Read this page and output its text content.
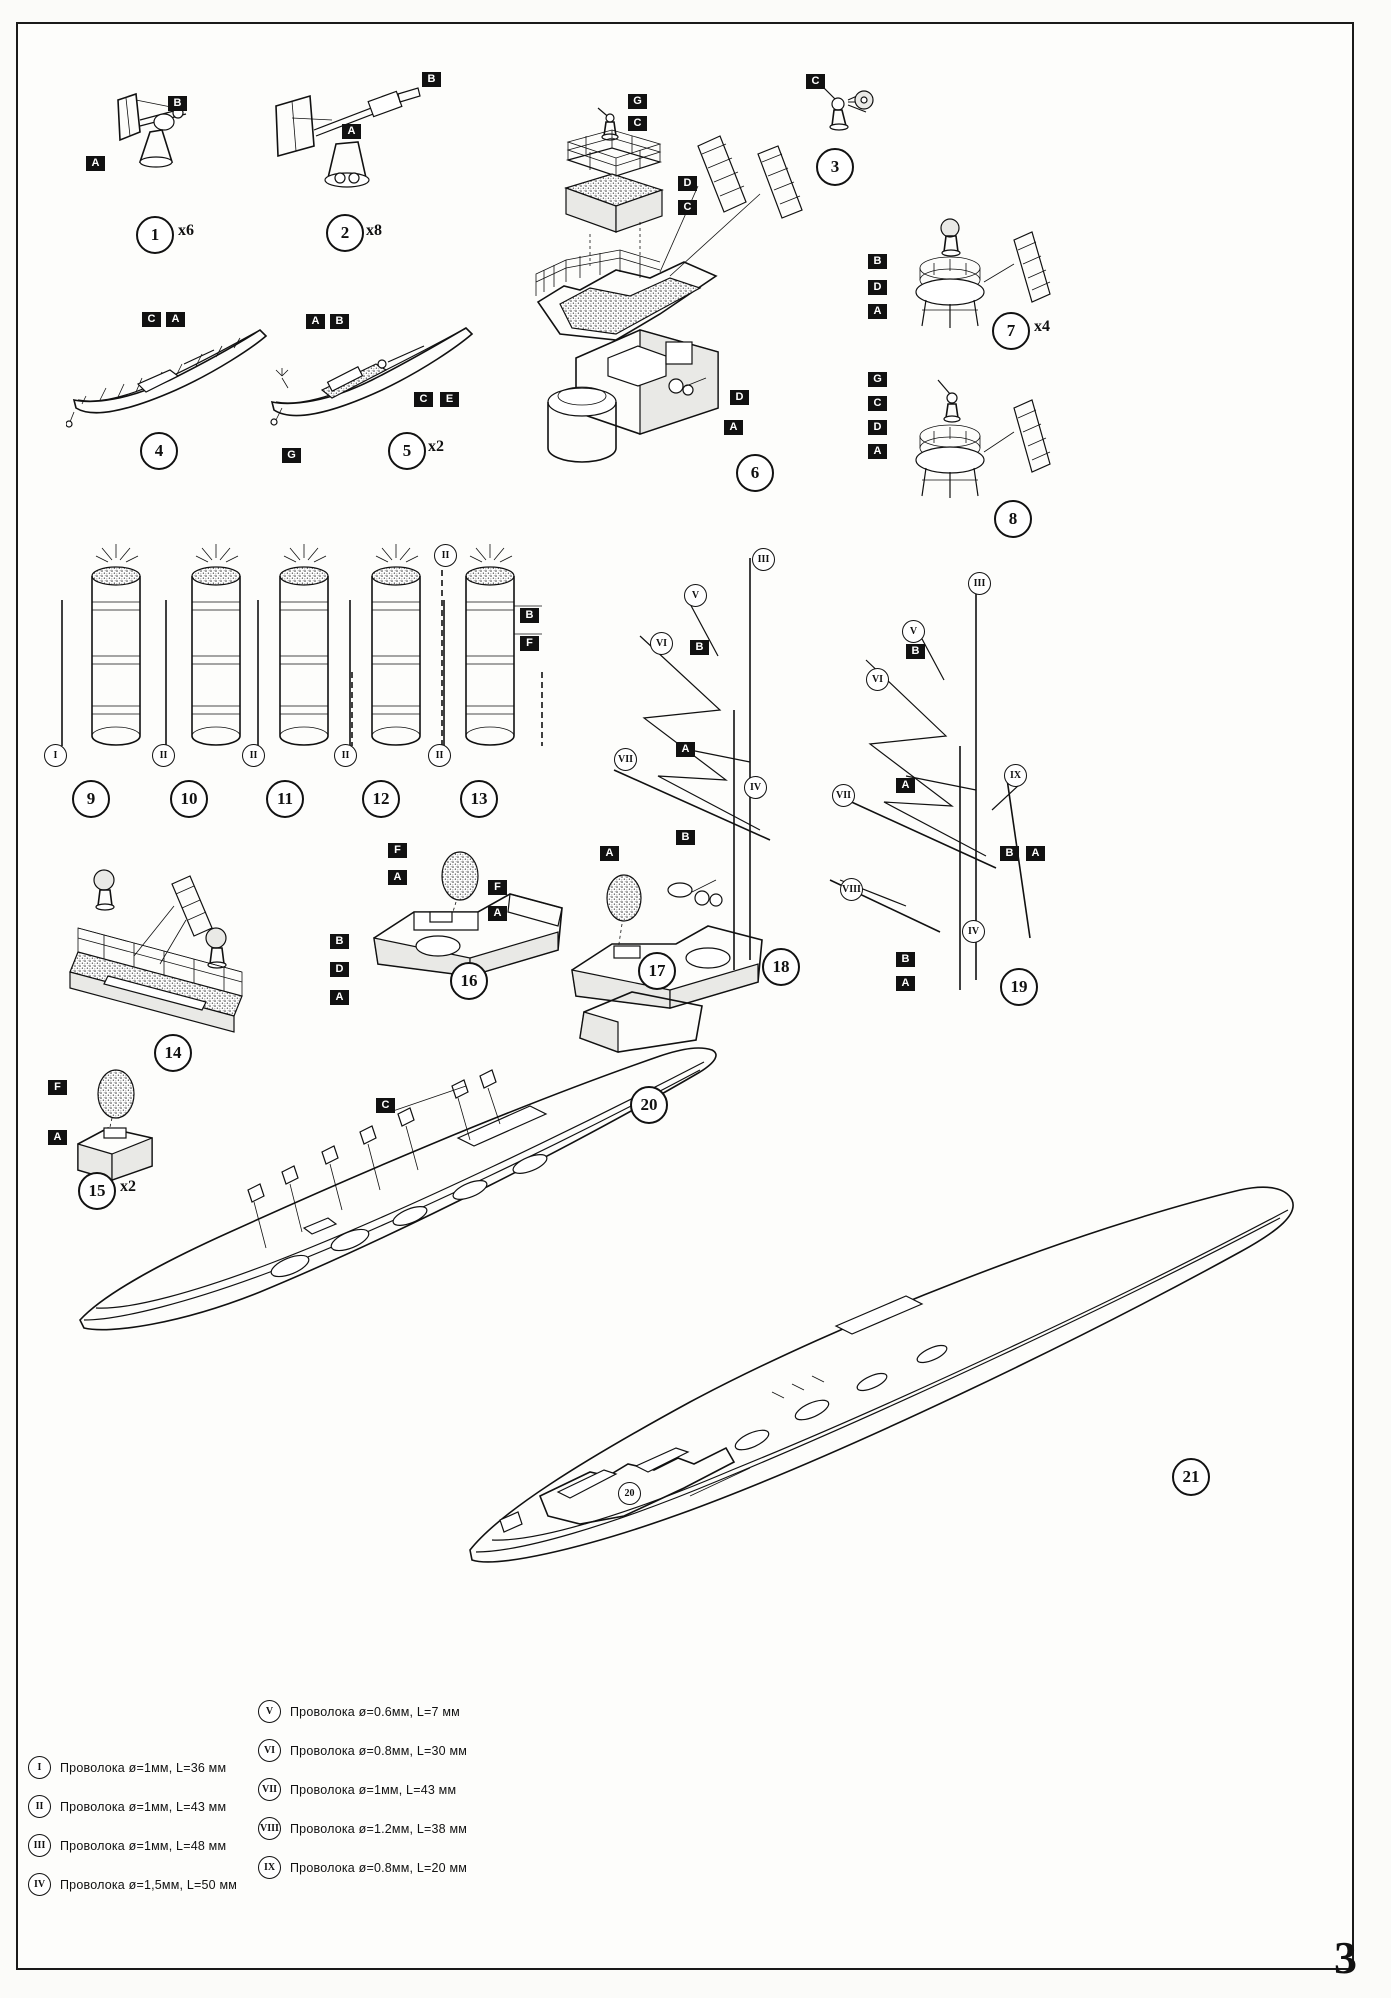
B
A
1	x6
B
A
2	x8
C
3
C	A
4
A	B
C	E
G	5	x2
G
C
D
C
D
A
6
B
D
A
7	x4
G
C
D
A
8
I
9
II
10
II
11
II
II
12
B
F
II
13
III
V
VI
VII
IV
B
A
B
18
III
V
VI
VII
VIII
IX
IV
B
A
B
A
B	A
19
B
D
A
14
F
A
16
F
A
A
17
F
A
15 x2
C	20
20
21
I	Проволока ø=1мм, L=36 мм
II	Проволока ø=1мм, L=43 мм
III	Проволока ø=1мм, L=48 мм
IV	Проволока ø=1,5мм, L=50 мм
V	Проволока ø=0.6мм, L=7 мм
VI	Проволока ø=0.8мм, L=30 мм
VII	Проволока ø=1мм, L=43 мм
VIII Проволока ø=1.2мм, L=38 мм
IX	Проволока ø=0.8мм, L=20 мм
3
